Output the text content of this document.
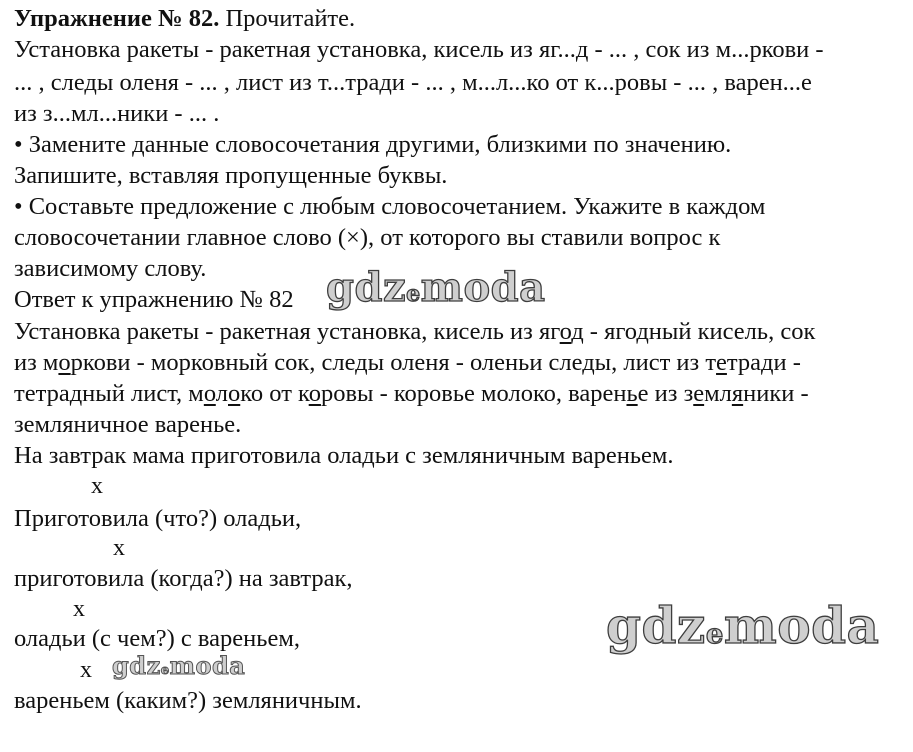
Упражнение № 82. Прочитайте.
Установка ракеты - ракетная установка, кисель из яг...д - ... , сок из м...ркови -
... , следы оленя - ... , лист из т...тради - ... , м...л...ко от к...ровы - ... , варен...е
из з...мл...ники - ... .
• Замените данные словосочетания другими, близкими по значению.
Запишите, вставляя пропущенные буквы.
• Составьте предложение с любым словосочетанием. Укажите в каждом
словосочетании главное слово (×), от которого вы ставили вопрос к
зависимому слову.
Ответ к упражнению № 82 gdzemoda
Установка ракеты - ракетная установка, кисель из ягод - ягодный кисель, сок
из моркови - морковный сок, следы оленя - оленьи следы, лист из тетради -
тетрадный лист, молоко от коровы - коровье молоко, варенье из земляники -
земляничное варенье.
На завтрак мама приготовила оладьи с земляничным вареньем.
x
Приготовила (что?) оладьи,
x
приготовила (когда?) на завтрак,
x
оладьи (с чем?) с вареньем,
x
вареньем (каким?) земляничным.
gdzemoda
gdzemoda
